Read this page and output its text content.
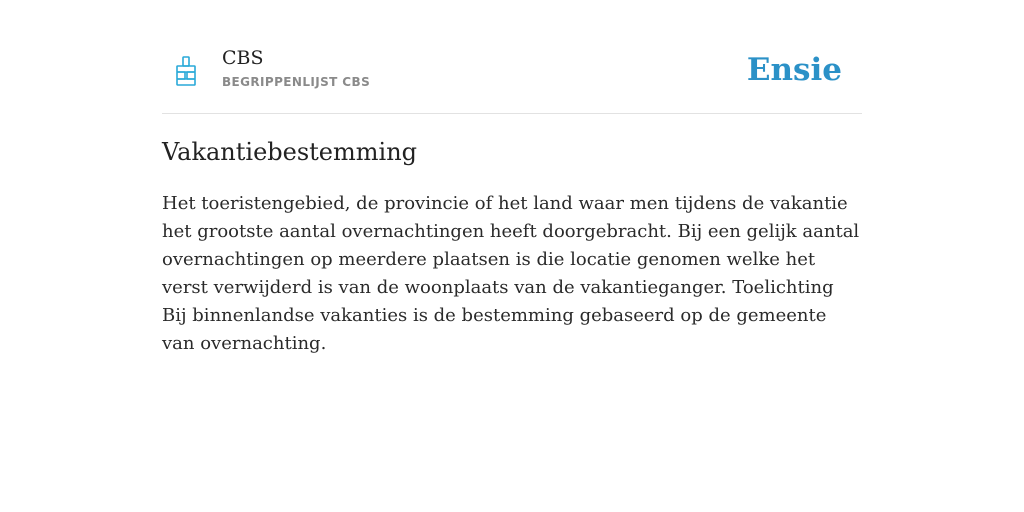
CBS
BEGRIPPENLIJST CBS	Ensie
Vakantiebestemming

Het toeristengebied, de provincie of het land waar men tijdens de vakantie het grootste aantal overnachtingen heeft doorgebracht. Bij een gelijk aantal overnachtingen op meerdere plaatsen is die locatie genomen welke het verst verwijderd is van de woonplaats van de vakantieganger. Toelichting Bij binnenlandse vakanties is de bestemming gebaseerd op de gemeente van overnachting.
